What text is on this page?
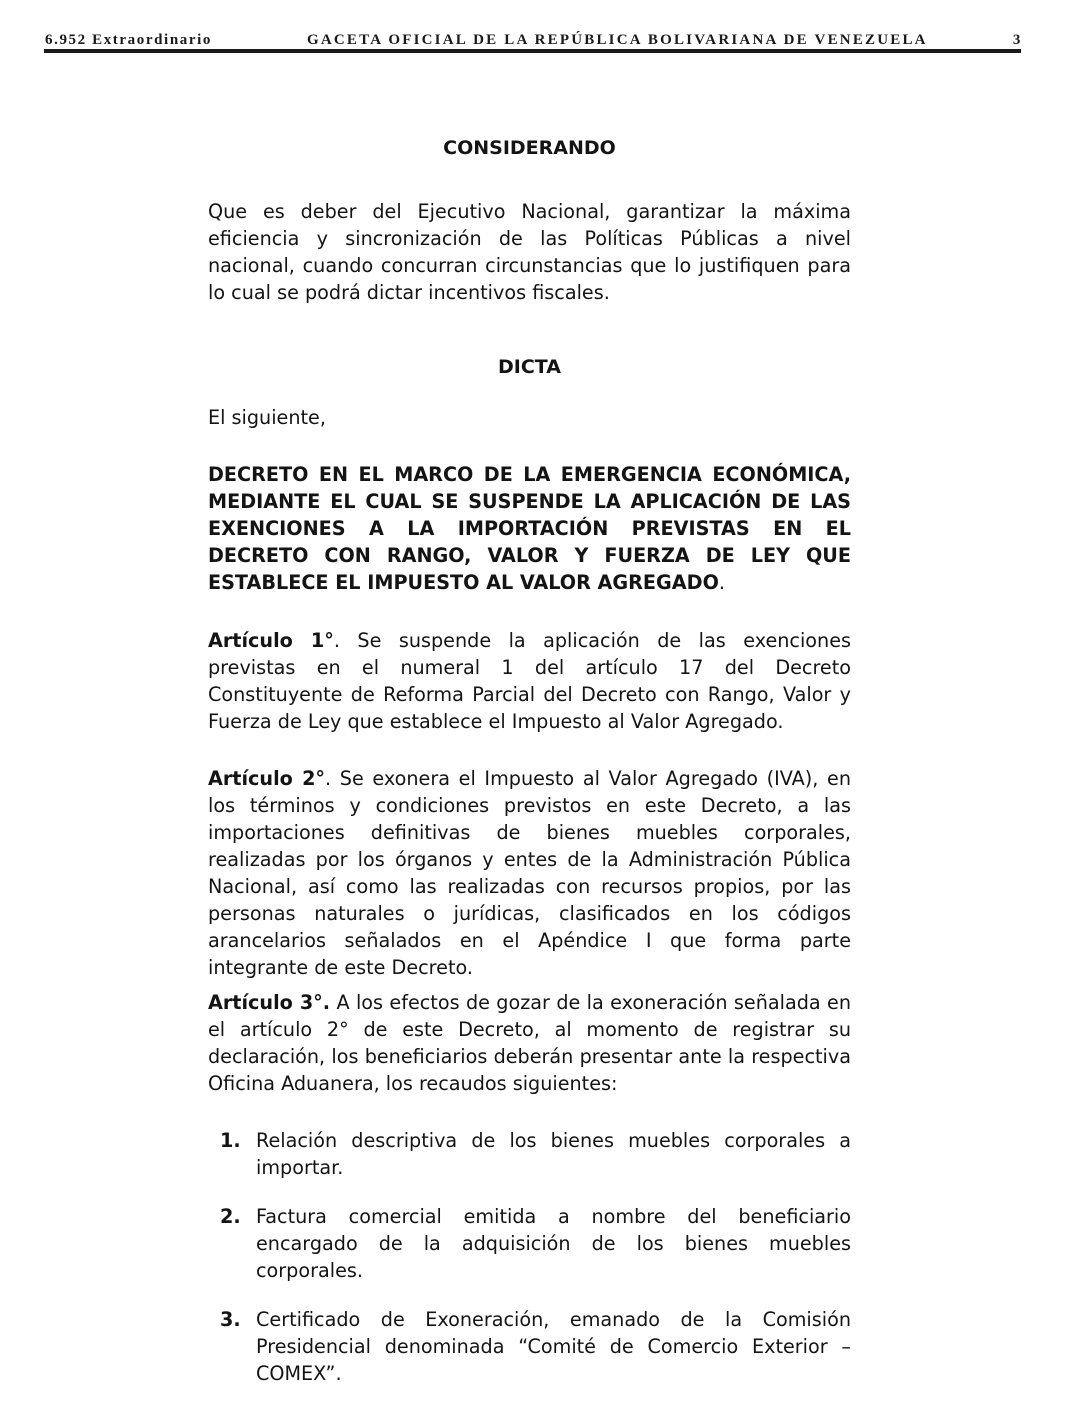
6.952 Extraordinario	GACETA OFICIAL DE LA REPÚBLICA BOLIVARIANA DE VENEZUELA	3

CONSIDERANDO

Que es deber del Ejecutivo Nacional, garantizar la máxima eficiencia y sincronización de las Políticas Públicas a nivel nacional, cuando concurran circunstancias que lo justifiquen para lo cual se podrá dictar incentivos fiscales.

DICTA

El siguiente,

DECRETO EN EL MARCO DE LA EMERGENCIA ECONÓMICA, MEDIANTE EL CUAL SE SUSPENDE LA APLICACIÓN DE LAS EXENCIONES A LA IMPORTACIÓN PREVISTAS EN EL DECRETO CON RANGO, VALOR Y FUERZA DE LEY QUE ESTABLECE EL IMPUESTO AL VALOR AGREGADO.

Artículo 1°. Se suspende la aplicación de las exenciones previstas en el numeral 1 del artículo 17 del Decreto Constituyente de Reforma Parcial del Decreto con Rango, Valor y Fuerza de Ley que establece el Impuesto al Valor Agregado.

Artículo 2°. Se exonera el Impuesto al Valor Agregado (IVA), en los términos y condiciones previstos en este Decreto, a las importaciones definitivas de bienes muebles corporales, realizadas por los órganos y entes de la Administración Pública Nacional, así como las realizadas con recursos propios, por las personas naturales o jurídicas, clasificados en los códigos arancelarios señalados en el Apéndice I que forma parte integrante de este Decreto.

Artículo 3°. A los efectos de gozar de la exoneración señalada en el artículo 2° de este Decreto, al momento de registrar su declaración, los beneficiarios deberán presentar ante la respectiva Oficina Aduanera, los recaudos siguientes:

1. Relación descriptiva de los bienes muebles corporales a importar.
2. Factura comercial emitida a nombre del beneficiario encargado de la adquisición de los bienes muebles corporales.
3. Certificado de Exoneración, emanado de la Comisión Presidencial denominada “Comité de Comercio Exterior – COMEX”.
